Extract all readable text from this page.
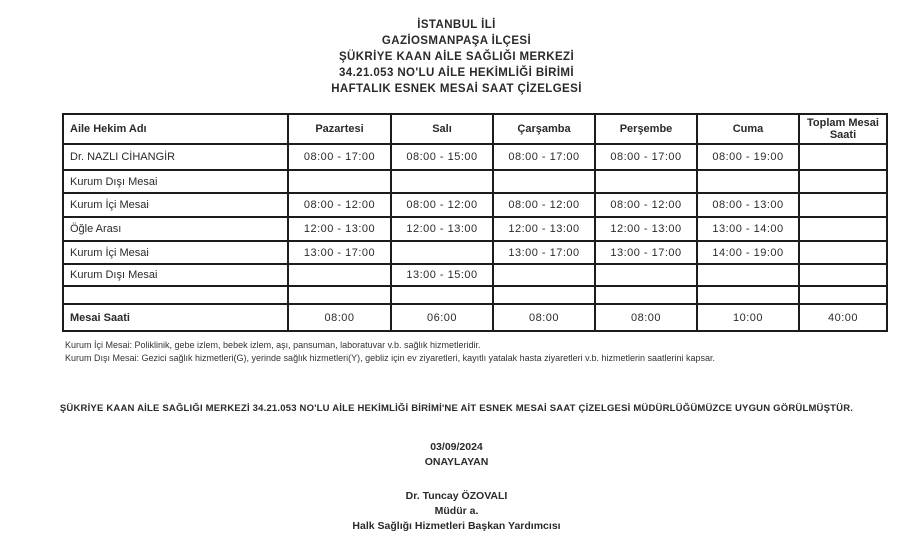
İSTANBUL İLİ
GAZİOSMANPAŞA İLÇESİ
ŞÜKRİYE KAAN AİLE SAĞLIĞI MERKEZİ
34.21.053 NO'LU AİLE HEKİMLİĞİ BİRİMİ
HAFTALIK ESNEK MESAİ SAAT ÇİZELGESİ
Aile Hekim Adı	Pazartesi	Salı	Çarşamba	Perşembe	Cuma	Toplam Mesai Saati
Dr. NAZLI CİHANGİR	08:00 - 17:00	08:00 - 15:00	08:00 - 17:00	08:00 - 17:00	08:00 - 19:00	
Kurum Dışı Mesai						
Kurum İçi Mesai	08:00 - 12:00	08:00 - 12:00	08:00 - 12:00	08:00 - 12:00	08:00 - 13:00	
Öğle Arası	12:00 - 13:00	12:00 - 13:00	12:00 - 13:00	12:00 - 13:00	13:00 - 14:00	
Kurum İçi Mesai	13:00 - 17:00		13:00 - 17:00	13:00 - 17:00	14:00 - 19:00	
Kurum Dışı Mesai		13:00 - 15:00				

Mesai Saati	08:00	06:00	08:00	08:00	10:00	40:00
Kurum İçi Mesai: Poliklinik, gebe izlem, bebek izlem, aşı, pansuman, laboratuvar v.b. sağlık hizmetleridir.
Kurum Dışı Mesai: Gezici sağlık hizmetleri(G), yerinde sağlık hizmetleri(Y), gebliz için ev ziyaretleri, kayıtlı yatalak hasta ziyaretleri v.b. hizmetlerin saatlerini kapsar.
ŞÜKRİYE KAAN AİLE SAĞLIĞI MERKEZİ 34.21.053 NO'LU AİLE HEKİMLİĞİ BİRİMİ'NE AİT ESNEK MESAİ SAAT ÇİZELGESİ MÜDÜRLÜĞÜMÜZCE UYGUN GÖRÜLMÜŞTÜR.
03/09/2024
ONAYLAYAN
Dr. Tuncay ÖZOVALI
Müdür a.
Halk Sağlığı Hizmetleri Başkan Yardımcısı
